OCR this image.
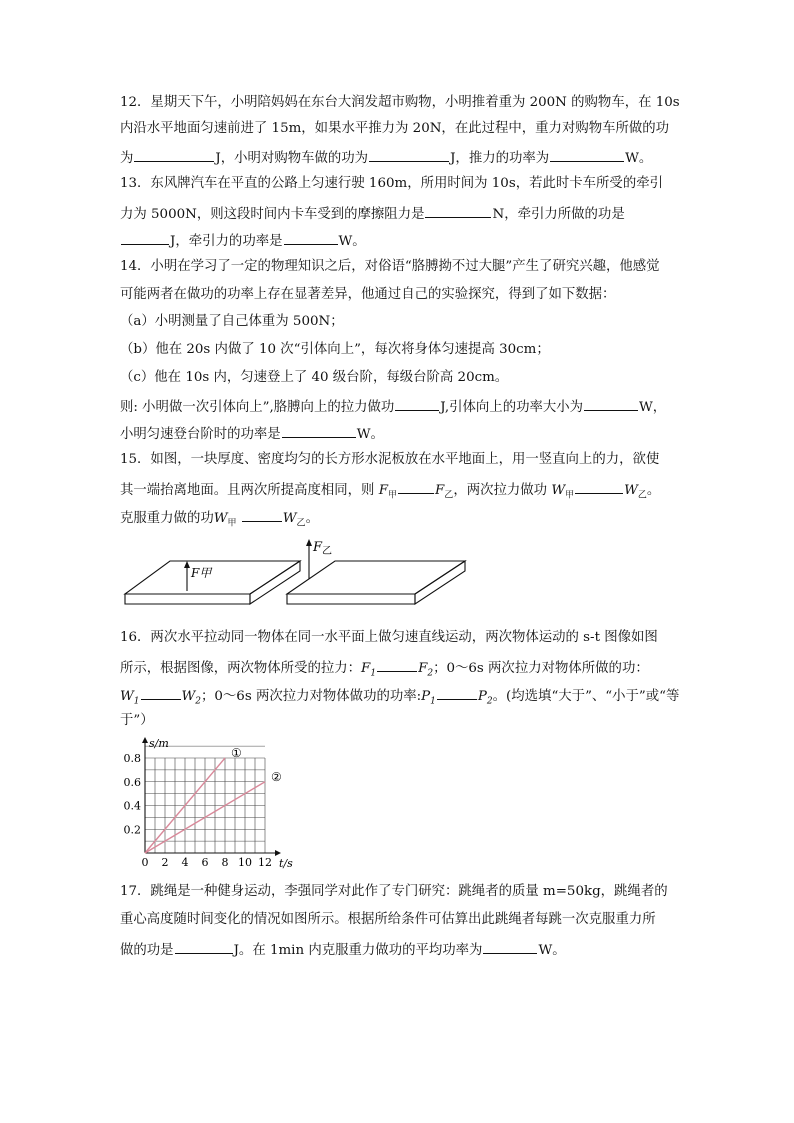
12．星期天下午，小明陪妈妈在东台大润发超市购物，小明推着重为 200N 的购物车，在 10s
内沿水平地面匀速前进了 15m，如果水平推力为 20N，在此过程中，重力对购物车所做的功
为	J，小明对购物车做的功为	J，推力的功率为	W。
13．东风牌汽车在平直的公路上匀速行驶 160m，所用时间为 10s，若此时卡车所受的牵引
力为 5000N，则这段时间内卡车受到的摩擦阻力是	N，牵引力所做的功是
J，牵引力的功率是	W。
14．小明在学习了一定的物理知识之后，对俗语“胳膊拗不过大腿”产生了研究兴趣，他感觉
可能两者在做功的功率上存在显著差异，他通过自己的实验探究，得到了如下数据：
（a）小明测量了自己体重为 500N；
（b）他在 20s 内做了 10 次“引体向上”，每次将身体匀速提高 30cm；
（c）他在 10s 内，匀速登上了 40 级台阶，每级台阶高 20cm。
则: 小明做一次引体向上”,胳膊向上的拉力做功	J,引体向上的功率大小为	W，
小明匀速登台阶时的功率是	W。
15．如图，一块厚度、密度均匀的长方形水泥板放在水平地面上，用一竖直向上的力，欲使
其一端抬离地面。且两次所提高度相同，则 $F_甲$	$F_乙$，两次拉力做功 $W_甲$	$W_乙$。
克服重力做的功$W_甲$	$W_乙$。
F甲
$F_乙$
16．两次水平拉动同一物体在同一水平面上做匀速直线运动，两次物体运动的 s-t 图像如图
所示，根据图像，两次物体所受的拉力：$F_1$	$F_2$；0～6s 两次拉力对物体所做的功：
$W_1$	$W_2$；0～6s 两次拉力对物体做功的功率$:P_1$	$P_2$。(均选填“大于”、“小于”或“等
于”）
s/m
t/s
0 2 4 6 8 10 12
0.2
0.4
0.6
0.8	①
②
17．跳绳是一种健身运动，李强同学对此作了专门研究：跳绳者的质量 m=50kg，跳绳者的
重心高度随时间变化的情况如图所示。根据所给条件可估算出此跳绳者每跳一次克服重力所
做的功是	J。在 1min 内克服重力做功的平均功率为	W。
